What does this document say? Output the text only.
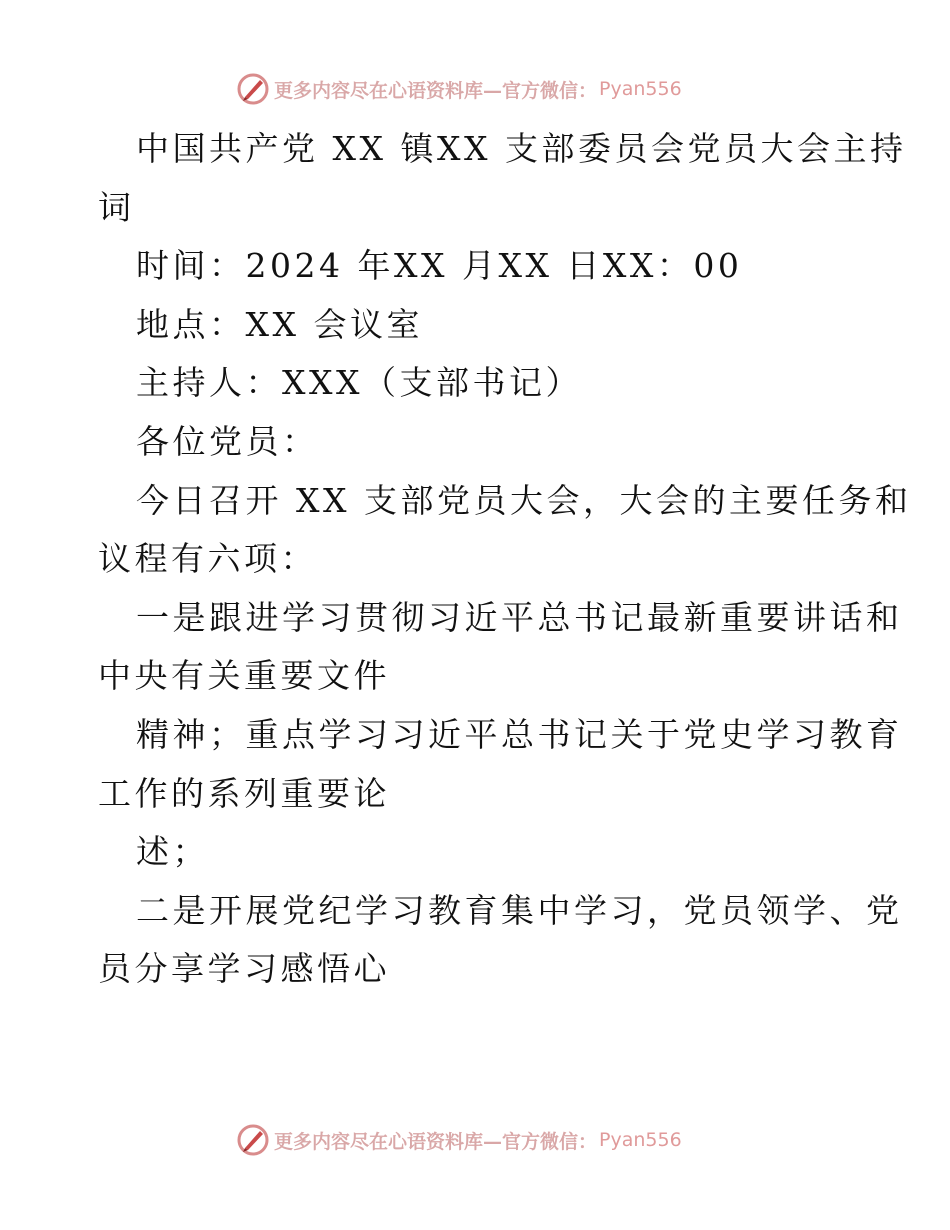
更多内容尽在心语资料库—官方微信： Pyan556
中国共产党 XX 镇XX 支部委员会党员大会主持
词
时间：2024 年XX 月XX 日XX：00
地点：XX 会议室
主持人：XXX（支部书记）
各位党员：
今日召开 XX 支部党员大会，大会的主要任务和
议程有六项：
一是跟进学习贯彻习近平总书记最新重要讲话和
中央有关重要文件
精神；重点学习习近平总书记关于党史学习教育
工作的系列重要论
述；
二是开展党纪学习教育集中学习，党员领学、党
员分享学习感悟心
更多内容尽在心语资料库—官方微信： Pyan556
